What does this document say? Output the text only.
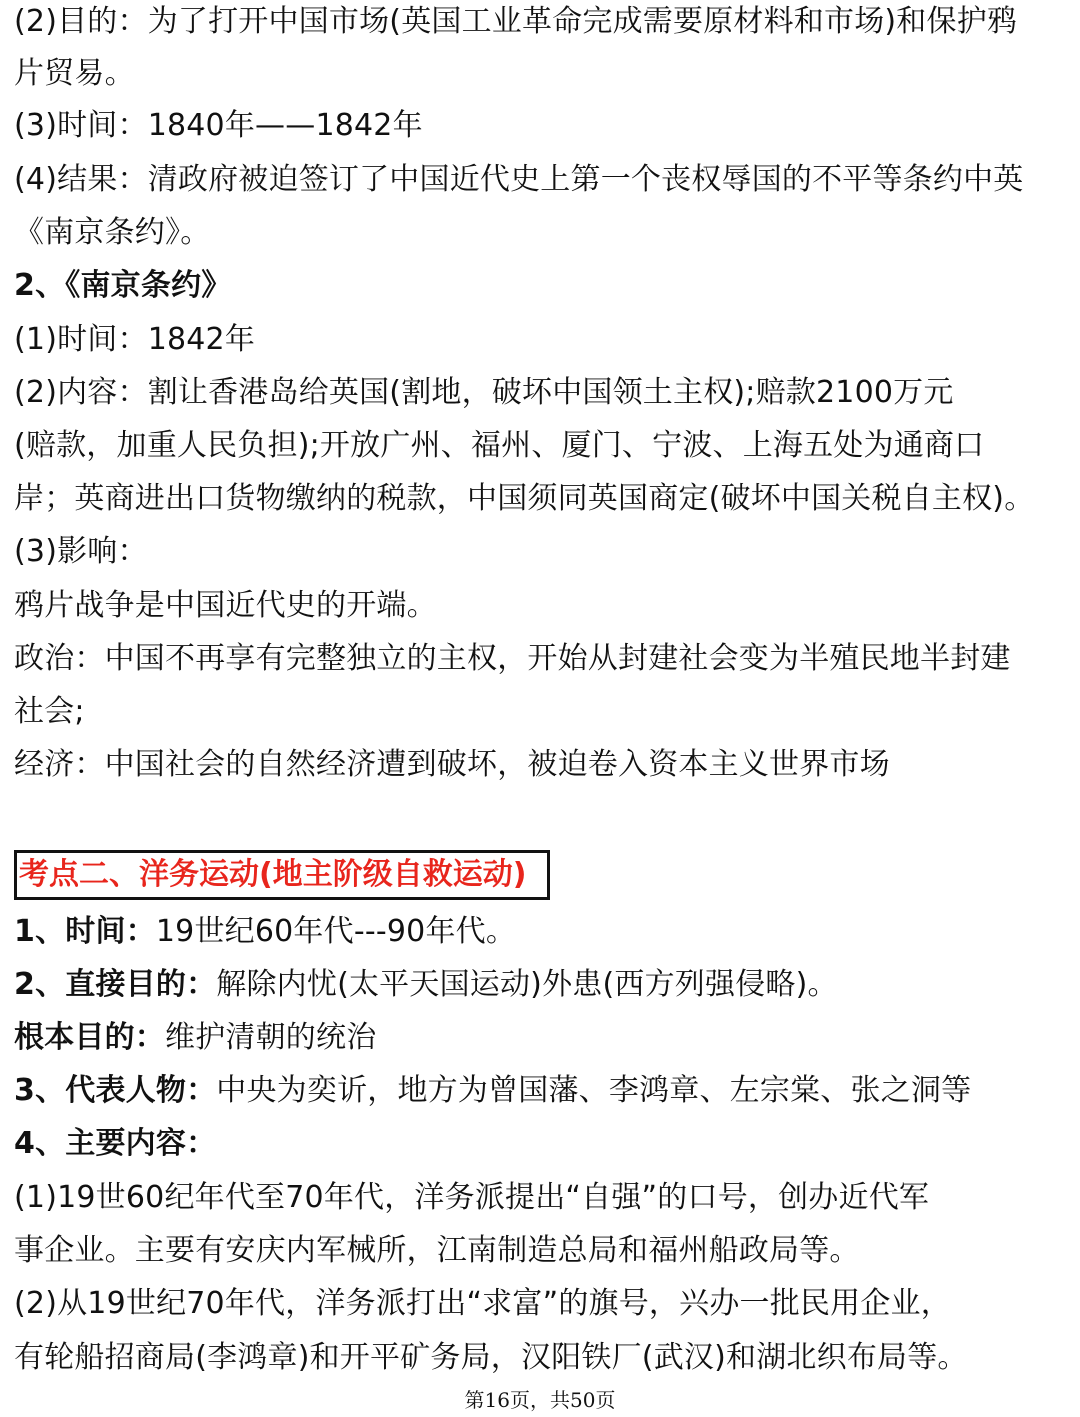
(2)目的：为了打开中国市场(英国工业革命完成需要原材料和市场)和保护鸦
片贸易。
(3)时间：1840年——1842年
(4)结果：清政府被迫签订了中国近代史上第一个丧权辱国的不平等条约中英
《南京条约》。
2、《南京条约》
(1)时间：1842年
(2)内容：割让香港岛给英国(割地，破坏中国领土主权);赔款2100万元
(赔款，加重人民负担);开放广州、福州、厦门、宁波、上海五处为通商口
岸；英商进出口货物缴纳的税款，中国须同英国商定(破坏中国关税自主权)。
(3)影响：
鸦片战争是中国近代史的开端。
政治：中国不再享有完整独立的主权，开始从封建社会变为半殖民地半封建
社会;
经济：中国社会的自然经济遭到破坏，被迫卷入资本主义世界市场
考点二、洋务运动(地主阶级自救运动)
1、时间：19世纪60年代---90年代。
2、直接目的：解除内忧(太平天国运动)外患(西方列强侵略)。
根本目的：维护清朝的统治
3、代表人物：中央为奕䜣，地方为曾国藩、李鸿章、左宗棠、张之洞等
4、主要内容：
(1)19世60纪年代至70年代，洋务派提出“自强”的口号，创办近代军
事企业。主要有安庆内军械所，江南制造总局和福州船政局等。
(2)从19世纪70年代，洋务派打出“求富”的旗号，兴办一批民用企业，
有轮船招商局(李鸿章)和开平矿务局，汉阳铁厂(武汉)和湖北织布局等。
第16页，共50页
